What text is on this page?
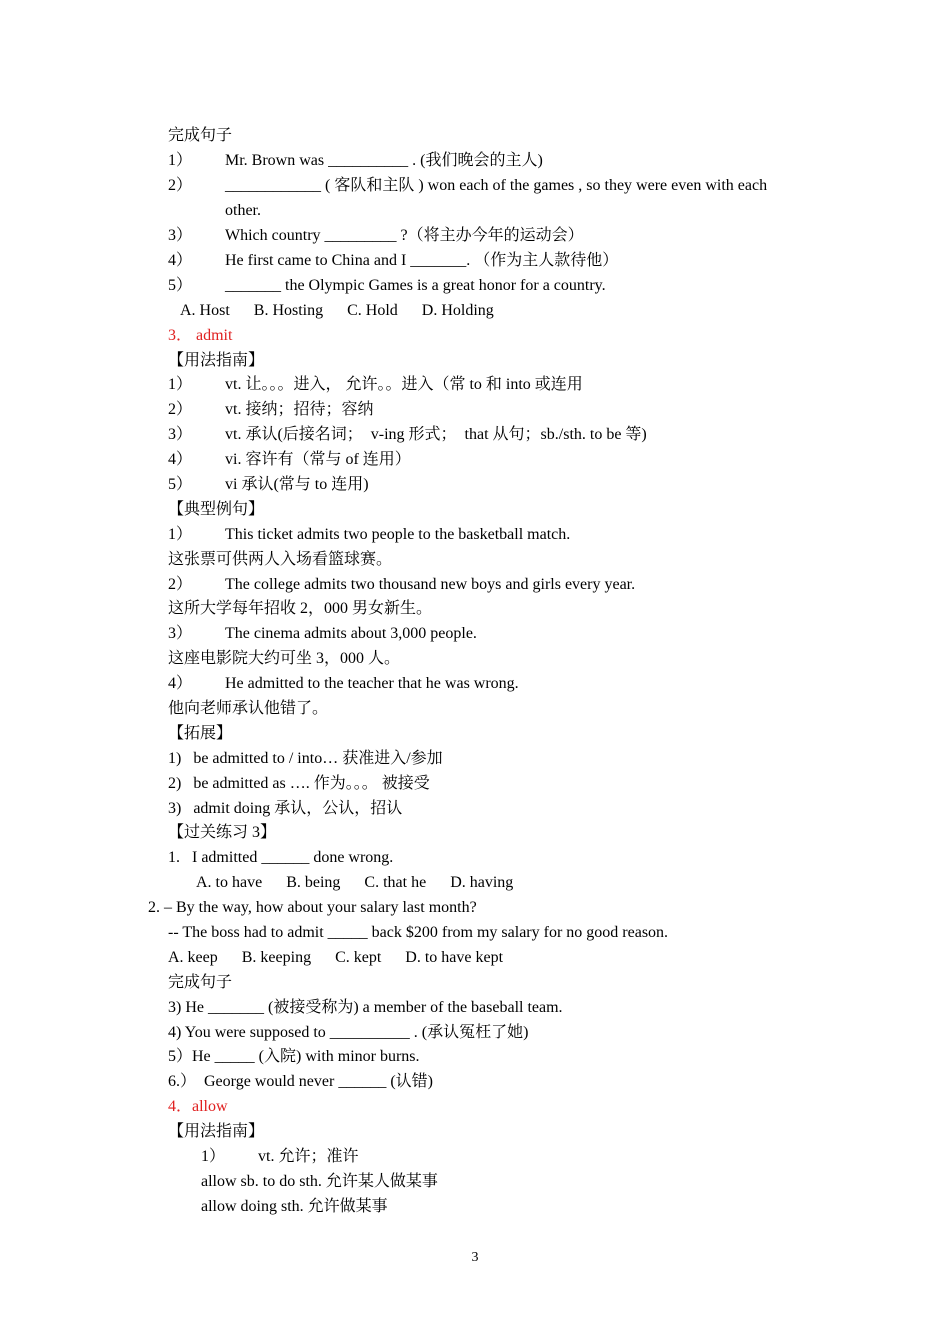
完成句子
1） Mr. Brown was __________ . (我们晚会的主人)
2） ____________ ( 客队和主队 ) won each of the games , so they were even with each
other.
3） Which country _________ ?（将主办今年的运动会）
4） He first came to China and I _______. （作为主人款待他）
5） _______ the Olympic Games is a great honor for a country.
A. Host      B. Hosting      C. Hold      D. Holding
3． admit
【用法指南】
1） vt. 让。。。进入， 允许。。进入（常 to 和 into 或连用
2） vt. 接纳；招待；容纳
3） vt. 承认(后接名词；  v-ing 形式；  that 从句；sb./sth. to be 等)
4） vi. 容许有（常与 of 连用）
5） vi 承认(常与 to 连用)
【典型例句】
1） This ticket admits two people to the basketball match.
这张票可供两人入场看篮球赛。
2） The college admits two thousand new boys and girls every year.
这所大学每年招收 2，000 男女新生。
3） The cinema admits about 3,000 people.
这座电影院大约可坐 3，000 人。
4） He admitted to the teacher that he was wrong.
他向老师承认他错了。
【拓展】
1)   be admitted to / into… 获准进入/参加
2)   be admitted as …. 作为。。。 被接受
3)   admit doing 承认，公认，招认
【过关练习 3】
1.   I admitted ______ done wrong.
A. to have      B. being      C. that he      D. having
2. – By the way, how about your salary last month?
-- The boss had to admit _____ back $200 from my salary for no good reason.
A. keep      B. keeping      C. kept      D. to have kept
完成句子
3) He _______ (被接受称为) a member of the baseball team.
4) You were supposed to __________ . (承认冤枉了她)
5）He _____ (入院) with minor burns.
6.）  George would never ______ (认错)
4．allow
【用法指南】
1） vt. 允许；准许
allow sb. to do sth. 允许某人做某事
allow doing sth. 允许做某事
3
